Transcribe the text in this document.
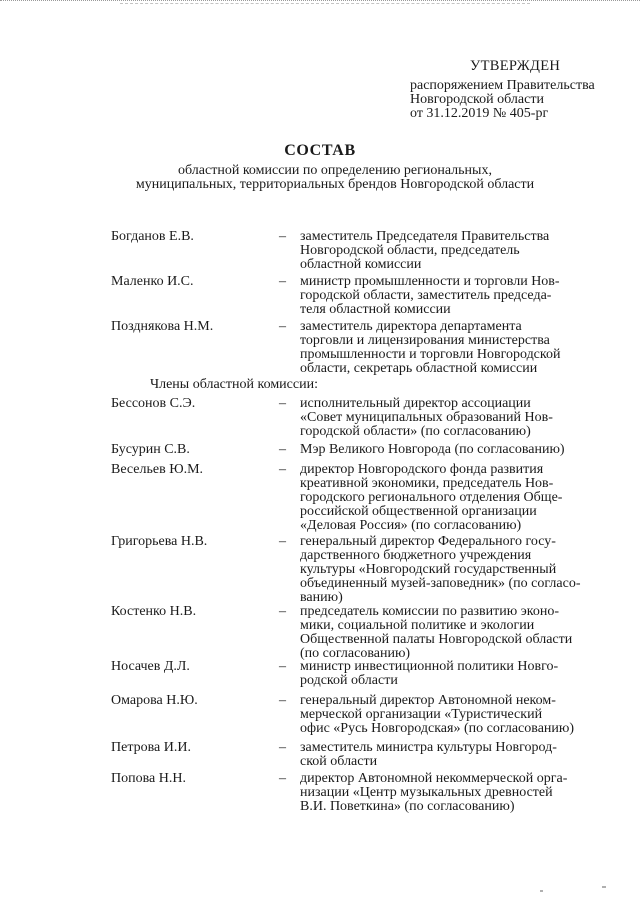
УТВЕРЖДЕН
распоряжением Правительства
Новгородской области
от 31.12.2019 № 405-рг
СОСТАВ
областной комиссии по определению региональных,
муниципальных, территориальных брендов Новгородской области
Богданов Е.В.	– заместитель Председателя Правительства
Новгородской области, председатель
областной комиссии
Маленко И.С.	– министр промышленности и торговли Нов-
городской области, заместитель председа-
теля областной комиссии
Позднякова Н.М.	– заместитель директора департамента
торговли и лицензирования министерства
промышленности и торговли Новгородской
области, секретарь областной комиссии
Члены областной комиссии:
Бессонов С.Э.	– исполнительный директор ассоциации
«Совет муниципальных образований Нов-
городской области» (по согласованию)
Бусурин С.В.	– Мэр Великого Новгорода (по согласованию)
Весельев Ю.М.	– директор Новгородского фонда развития
креативной экономики, председатель Нов-
городского регионального отделения Обще-
российской общественной организации
«Деловая Россия» (по согласованию)
Григорьева Н.В.	– генеральный директор Федерального госу-
дарственного бюджетного учреждения
культуры «Новгородский государственный
объединенный музей-заповедник» (по согласо-
ванию)
Костенко Н.В.	– председатель комиссии по развитию эконо-
мики, социальной политике и экологии
Общественной палаты Новгородской области
(по согласованию)
Носачев Д.Л.	– министр инвестиционной политики Новго-
родской области
Омарова Н.Ю.	– генеральный директор Автономной неком-
мерческой организации «Туристический
офис «Русь Новгородская» (по согласованию)
Петрова И.И.	– заместитель министра культуры Новгород-
ской области
Попова Н.Н.	– директор Автономной некоммерческой орга-
низации «Центр музыкальных древностей
В.И. Поветкина» (по согласованию)
